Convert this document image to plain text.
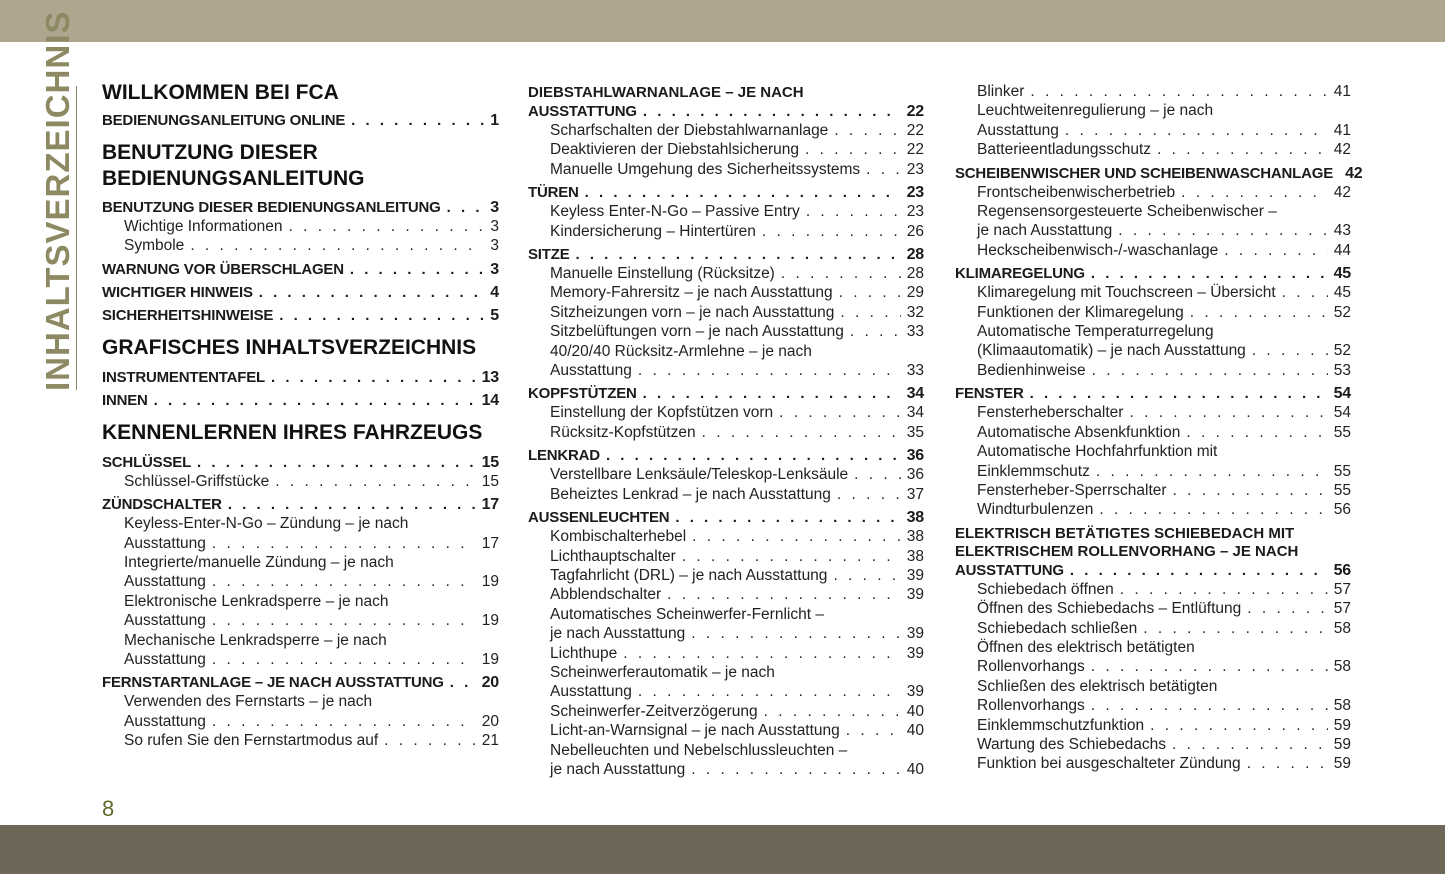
INHALTSVERZEICHNIS WILLKOMMEN BEI FCA
BEDIENUNGSANLEITUNG ONLINE . . .	1
BENUTZUNG DIESER
BEDIENUNGSANLEITUNG
BENUTZUNG DIESER BEDIENUNGSANLEITUNG . . .	3
Wichtige Informationen . . .	3
Symbole . . .	3
WARNUNG VOR ÜBERSCHLAGEN . . .	3
WICHTIGER HINWEIS . . .	4
SICHERHEITSHINWEISE . . .	5
GRAFISCHES INHALTSVERZEICHNIS
INSTRUMENTENTAFEL . . .	13
INNEN . . .	14
KENNENLERNEN IHRES FAHRZEUGS
SCHLÜSSEL . . .	15
Schlüssel-Griffstücke . . .	15
ZÜNDSCHALTER . . .	17
Keyless-Enter-N-Go – Zündung – je nach
Ausstattung . . .	17
Integrierte/manuelle Zündung – je nach
Ausstattung . . .	19
Elektronische Lenkradsperre – je nach
Ausstattung . . .	19
Mechanische Lenkradsperre – je nach
Ausstattung . . .	19
FERNSTARTANLAGE – JE NACH AUSSTATTUNG . . . 20
Verwenden des Fernstarts – je nach
Ausstattung . . .	20
So rufen Sie den Fernstartmodus auf . . .	21
DIEBSTAHLWARNANLAGE – JE NACH
AUSSTATTUNG . . .	22
Scharfschalten der Diebstahlwarnanlage . . .	22
Deaktivieren der Diebstahlsicherung . . .	22
Manuelle Umgehung des Sicherheitssystems . . .	23
TÜREN . . .	23
Keyless Enter-N-Go – Passive Entry . . .	23
Kindersicherung – Hintertüren . . .	26
SITZE . . .	28
Manuelle Einstellung (Rücksitze) . . .	28
Memory-Fahrersitz – je nach Ausstattung . . .	29
Sitzheizungen vorn – je nach Ausstattung . . .	32
Sitzbelüftungen vorn – je nach Ausstattung . . .	33
40/20/40 Rücksitz-Armlehne – je nach
Ausstattung . . .	33
KOPFSTÜTZEN . . .	34
Einstellung der Kopfstützen vorn . . .	34
Rücksitz-Kopfstützen . . .	35
LENKRAD . . .	36
Verstellbare Lenksäule/Teleskop-Lenksäule . . .	36
Beheiztes Lenkrad – je nach Ausstattung . . .	37
AUSSENLEUCHTEN . . .	38
Kombischalterhebel . . .	38
Lichthauptschalter . . .	38
Tagfahrlicht (DRL) – je nach Ausstattung . . .	39
Abblendschalter . . .	39
Automatisches Scheinwerfer-Fernlicht –
je nach Ausstattung . . .	39
Lichthupe . . .	39
Scheinwerferautomatik – je nach
Ausstattung . . .	39
Scheinwerfer-Zeitverzögerung . . .	40
Licht-an-Warnsignal – je nach Ausstattung . . .	40
Nebelleuchten und Nebelschlussleuchten –
je nach Ausstattung . . .	40
Blinker . . .	41
Leuchtweitenregulierung – je nach
Ausstattung . . .	41
Batterieentladungsschutz . . .	42
SCHEIBENWISCHER UND SCHEIBENWASCHANLAGE 42
Frontscheibenwischerbetrieb . . .	42
Regensensorgesteuerte Scheibenwischer –
je nach Ausstattung . . .	43
Heckscheibenwisch-/-waschanlage . . .	44
KLIMAREGELUNG . . .	45
Klimaregelung mit Touchscreen – Übersicht . . .	45
Funktionen der Klimaregelung . . .	52
Automatische Temperaturregelung
(Klimaautomatik) – je nach Ausstattung . . .	52
Bedienhinweise . . .	53
FENSTER . . .	54
Fensterheberschalter . . .	54
Automatische Absenkfunktion . . .	55
Automatische Hochfahrfunktion mit
Einklemmschutz . . .	55
Fensterheber-Sperrschalter . . .	55
Windturbulenzen . . .	56
ELEKTRISCH BETÄTIGTES SCHIEBEDACH MIT
ELEKTRISCHEM ROLLENVORHANG – JE NACH
AUSSTATTUNG . . .	56
Schiebedach öffnen . . .	57
Öffnen des Schiebedachs – Entlüftung . . .	57
Schiebedach schließen . . .	58
Öffnen des elektrisch betätigten
Rollenvorhangs . . .	58
Schließen des elektrisch betätigten
Rollenvorhangs . . .	58
Einklemmschutzfunktion . . .	59
Wartung des Schiebedachs . . .	59
Funktion bei ausgeschalteter Zündung . . .	59
8
